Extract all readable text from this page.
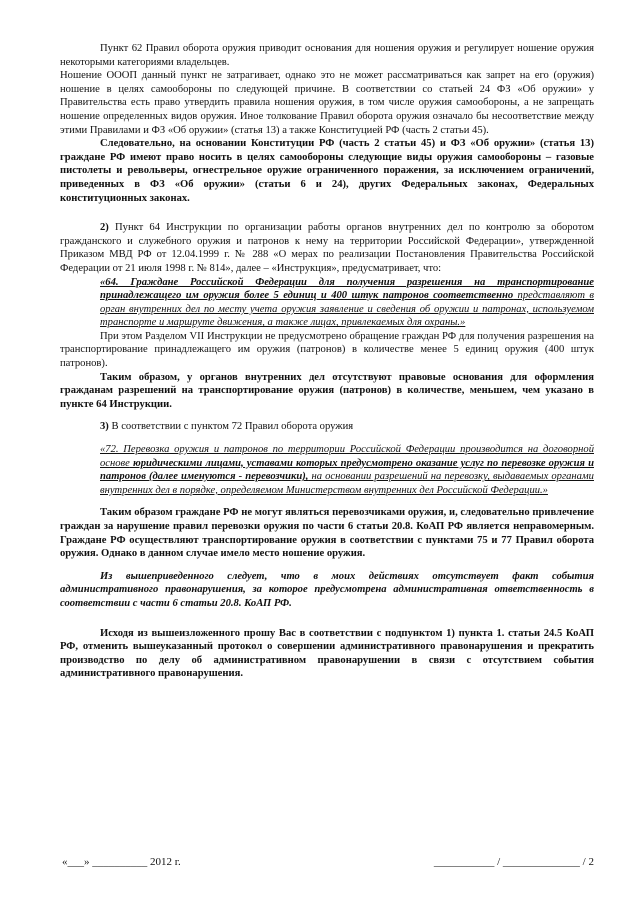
Пункт 62 Правил оборота оружия приводит основания для ношения оружия и регулирует ношение оружия некоторыми категориями владельцев.

Ношение ОООП данный пункт не затрагивает, однако это не может рассматриваться как запрет на его (оружия) ношение в целях самообороны по следующей причине. В соответствии со статьей 24 ФЗ «Об оружии» у Правительства есть право утвердить правила ношения оружия, в том числе оружия самообороны, а не запрещать ношение определенных видов оружия. Иное толкование Правил оборота оружия означало бы несоответствие между этими Правилами и ФЗ «Об оружии» (статья 13) а также Конституцией РФ (часть 2 статьи 45).

Следовательно, на основании Конституции РФ (часть 2 статьи 45) и ФЗ «Об оружии» (статья 13) граждане РФ имеют право носить в целях самообороны следующие виды оружия самообороны – газовые пистолеты и револьверы, огнестрельное оружие ограниченного поражения, за исключением ограничений, приведенных в ФЗ «Об оружии» (статьи 6 и 24), других Федеральных законах, Федеральных конституционных законах.

2) Пункт 64 Инструкции по организации работы органов внутренних дел по контролю за оборотом гражданского и служебного оружия и патронов к нему на территории Российской Федерации», утвержденной Приказом МВД РФ от 12.04.1999 г. № 288 «О мерах по реализации Постановления Правительства Российской Федерации от 21 июля 1998 г. № 814», далее – «Инструкция», предусматривает, что:

«64. Граждане Российской Федерации для получения разрешения на транспортирование принадлежащего им оружия более 5 единиц и 400 штук патронов соответственно представляют в орган внутренних дел по месту учета оружия заявление и сведения об оружии и патронах, используемом транспорте и маршруте движения, а также лицах, привлекаемых для охраны.»

При этом Разделом VII Инструкции не предусмотрено обращение граждан РФ для получения разрешения на транспортирование принадлежащего им оружия (патронов) в количестве менее 5 единиц оружия (400 штук патронов).

Таким образом, у органов внутренних дел отсутствуют правовые основания для оформления гражданам разрешений на транспортирование оружия (патронов) в количестве, меньшем, чем указано в пункте 64 Инструкции.

3) В соответствии с пунктом 72 Правил оборота оружия

«72. Перевозка оружия и патронов по территории Российской Федерации производится на договорной основе юридическими лицами, уставами которых предусмотрено оказание услуг по перевозке оружия и патронов (далее именуются - перевозчики), на основании разрешений на перевозку, выдаваемых органами внутренних дел в порядке, определяемом Министерством внутренних дел Российской Федерации.»

Таким образом граждане РФ не могут являться перевозчиками оружия, и, следовательно привлечение граждан за нарушение правил перевозки оружия по части 6 статьи 20.8. КоАП РФ является неправомерным. Граждане РФ осуществляют транспортирование оружия в соответствии с пунктами 75 и 77 Правил оборота оружия. Однако в данном случае имело место ношение оружия.

Из вышеприведенного следует, что в моих действиях отсутствует факт события административного правонарушения, за которое предусмотрена административная ответственность в соответствии с части 6 статьи 20.8. КоАП РФ.

Исходя из вышеизложенного прошу Вас в соответствии с подпунктом 1) пункта 1. статьи 24.5 КоАП РФ, отменить вышеуказанный протокол о совершении административного правонарушения и прекратить производство по делу об административном правонарушении в связи с отсутствием события административного правонарушения.

«___» __________ 2012 г.	___________ / ______________ / 2
